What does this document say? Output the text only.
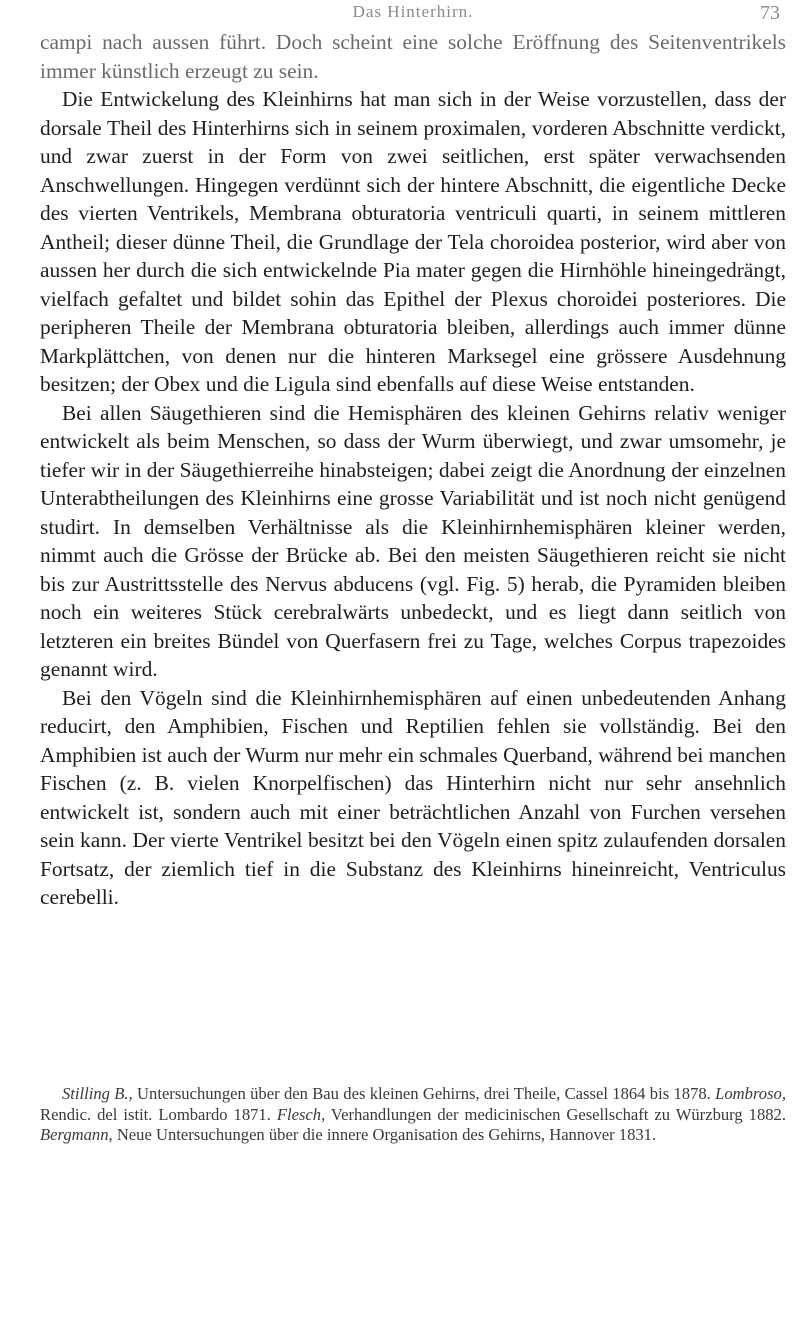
Das Hinterhirn.	73

campi nach aussen führt. Doch scheint eine solche Eröffnung des Seitenventrikels immer künstlich erzeugt zu sein.

Die Entwickelung des Kleinhirns hat man sich in der Weise vorzustellen, dass der dorsale Theil des Hinterhirns sich in seinem proximalen, vorderen Abschnitte verdickt, und zwar zuerst in der Form von zwei seitlichen, erst später verwachsenden Anschwellungen. Hingegen verdünnt sich der hintere Abschnitt, die eigentliche Decke des vierten Ventrikels, Membrana obturatoria ventriculi quarti, in seinem mittleren Antheil; dieser dünne Theil, die Grundlage der Tela choroidea posterior, wird aber von aussen her durch die sich entwickelnde Pia mater gegen die Hirnhöhle hineingedrängt, vielfach gefaltet und bildet sohin das Epithel der Plexus choroidei posteriores. Die peripheren Theile der Membrana obturatoria bleiben, allerdings auch immer dünne Markplättchen, von denen nur die hinteren Marksegel eine grössere Ausdehnung besitzen; der Obex und die Ligula sind ebenfalls auf diese Weise entstanden.

Bei allen Säugethieren sind die Hemisphären des kleinen Gehirns relativ weniger entwickelt als beim Menschen, so dass der Wurm überwiegt, und zwar umsomehr, je tiefer wir in der Säugethierreihe hinabsteigen; dabei zeigt die Anordnung der einzelnen Unterabtheilungen des Kleinhirns eine grosse Variabilität und ist noch nicht genügend studirt. In demselben Verhältnisse als die Kleinhirnhemisphären kleiner werden, nimmt auch die Grösse der Brücke ab. Bei den meisten Säugethieren reicht sie nicht bis zur Austrittsstelle des Nervus abducens (vgl. Fig. 5) herab, die Pyramiden bleiben noch ein weiteres Stück cerebralwärts unbedeckt, und es liegt dann seitlich von letzteren ein breites Bündel von Querfasern frei zu Tage, welches Corpus trapezoides genannt wird.

Bei den Vögeln sind die Kleinhirnhemisphären auf einen unbedeutenden Anhang reducirt, den Amphibien, Fischen und Reptilien fehlen sie vollständig. Bei den Amphibien ist auch der Wurm nur mehr ein schmales Querband, während bei manchen Fischen (z. B. vielen Knorpelfischen) das Hinterhirn nicht nur sehr ansehnlich entwickelt ist, sondern auch mit einer beträchtlichen Anzahl von Furchen versehen sein kann. Der vierte Ventrikel besitzt bei den Vögeln einen spitz zulaufenden dorsalen Fortsatz, der ziemlich tief in die Substanz des Kleinhirns hineinreicht, Ventriculus cerebelli.

Stilling B., Untersuchungen über den Bau des kleinen Gehirns, drei Theile, Cassel 1864 bis 1878. Lombroso, Rendic. del istit. Lombardo 1871. Flesch, Verhandlungen der medicinischen Gesellschaft zu Würzburg 1882. Bergmann, Neue Untersuchungen über die innere Organisation des Gehirns, Hannover 1831.
